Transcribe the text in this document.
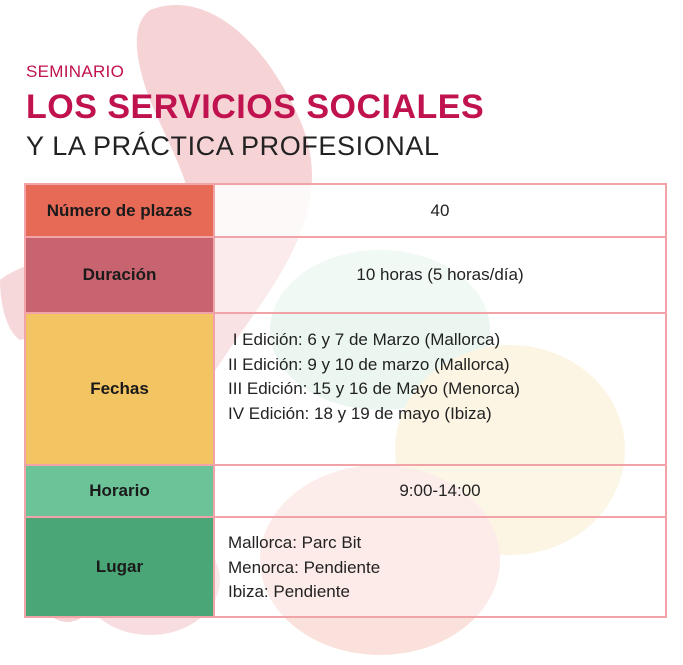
SEMINARIO

LOS SERVICIOS SOCIALES

Y LA PRÁCTICA PROFESIONAL

Número de plazas	40
Duración	10 horas (5 horas/día)
Fechas	I Edición: 6 y 7 de Marzo (Mallorca)
II Edición: 9 y 10 de marzo (Mallorca)
III Edición: 15 y 16 de Mayo (Menorca)
IV Edición: 18 y 19 de mayo (Ibiza)

Horario	9:00-14:00
Lugar	Mallorca: Parc Bit
Menorca: Pendiente
Ibiza: Pendiente
